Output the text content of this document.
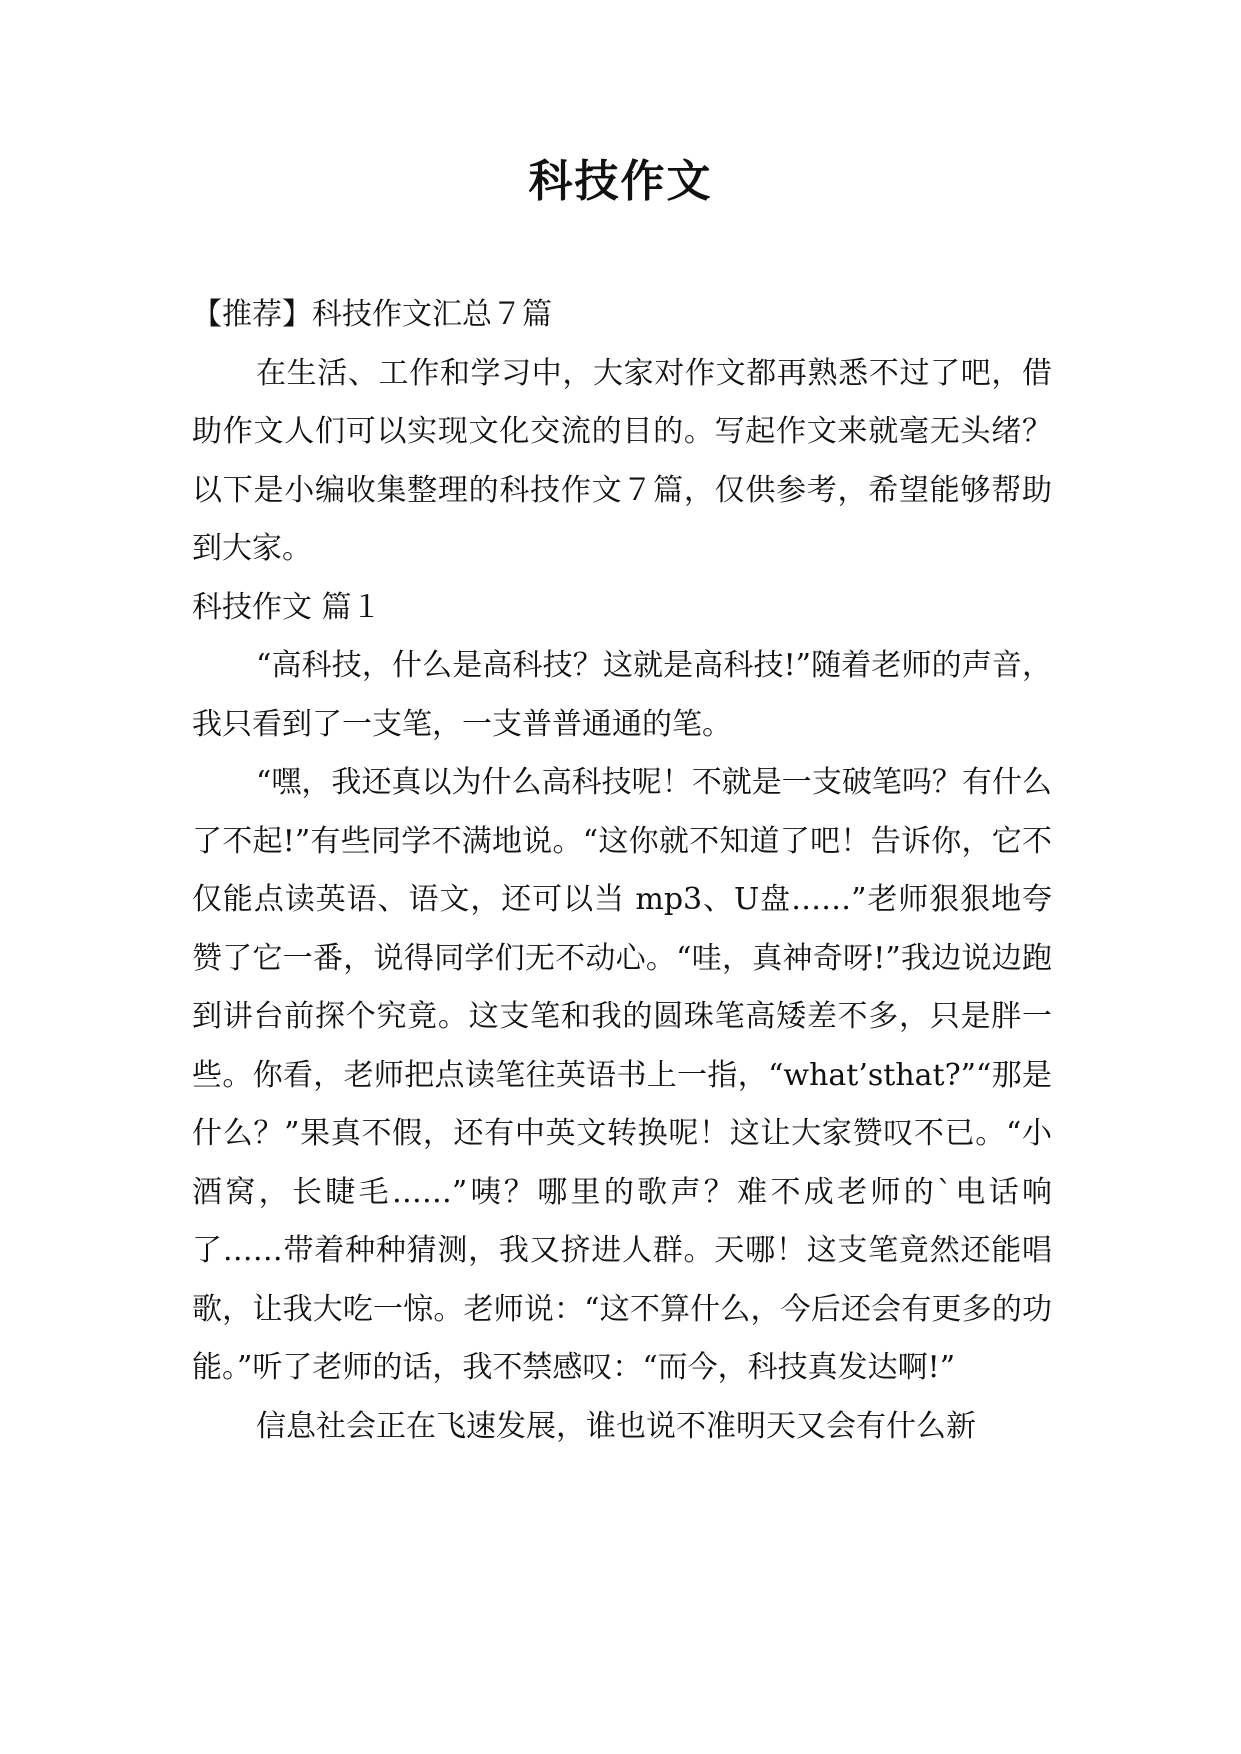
科技作文

【推荐】科技作文汇总７篇

在生活、工作和学习中，大家对作文都再熟悉不过了吧，借助作文人们可以实现文化交流的目的。写起作文来就毫无头绪？以下是小编收集整理的科技作文７篇，仅供参考，希望能够帮助到大家。

科技作文 篇１

“高科技，什么是高科技？这就是高科技!”随着老师的声音，我只看到了一支笔，一支普普通通的笔。

“嘿，我还真以为什么高科技呢！不就是一支破笔吗？有什么了不起!”有些同学不满地说。“这你就不知道了吧！告诉你，它不仅能点读英语、语文，还可以当 mp3、U盘……”老师狠狠地夸赞了它一番，说得同学们无不动心。“哇，真神奇呀!”我边说边跑到讲台前探个究竟。这支笔和我的圆珠笔高矮差不多，只是胖一些。你看，老师把点读笔往英语书上一指，“what’sthat?”“那是什么？”果真不假，还有中英文转换呢！这让大家赞叹不已。“小酒窝，长睫毛……”咦？哪里的歌声？难不成老师的`电话响了……带着种种猜测，我又挤进人群。天哪！这支笔竟然还能唱歌，让我大吃一惊。老师说：“这不算什么，今后还会有更多的功能。”听了老师的话，我不禁感叹：“而今，科技真发达啊!”

信息社会正在飞速发展，谁也说不准明天又会有什么新
